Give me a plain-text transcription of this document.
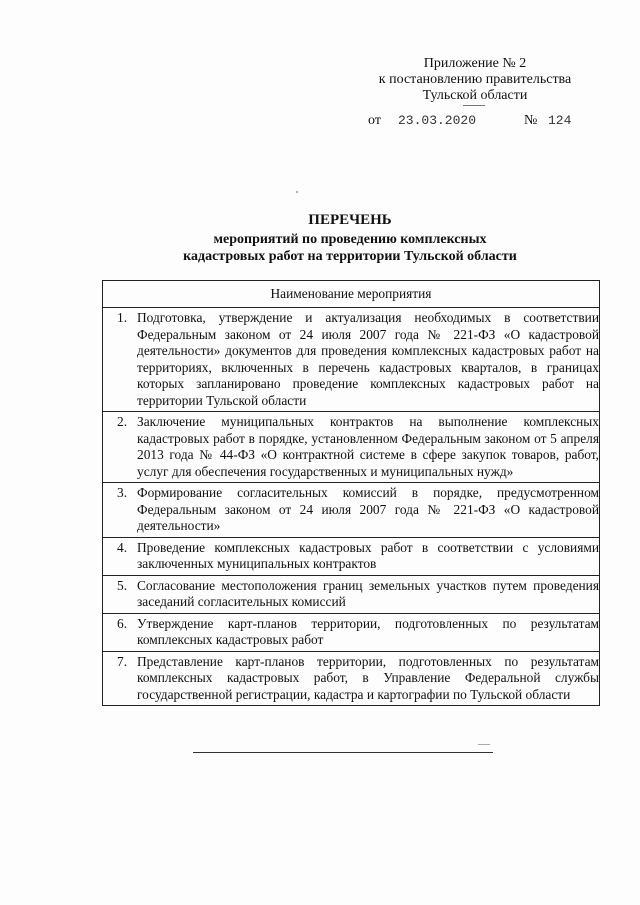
Приложение № 2
к постановлению правительства
Тульской области
от 23.03.2020	№ 124
ПЕРЕЧЕНЬ
мероприятий по проведению комплексных
кадастровых работ на территории Тульской области
Наименование мероприятия

1. Подготовка, утверждение и актуализация необходимых в соответствии Федеральным законом от 24 июля 2007 года № 221-ФЗ «О кадастровой деятельности» документов для проведения комплексных кадастровых работ на территориях, включенных в перечень кадастровых кварталов, в границах которых запланировано проведение комплексных кадастровых работ на территории Тульской области

2. Заключение муниципальных контрактов на выполнение комплексных кадастровых работ в порядке, установленном Федеральным законом от 5 апреля 2013 года № 44-ФЗ «О контрактной системе в сфере закупок товаров, работ, услуг для обеспечения государственных и муниципальных нужд»

3. Формирование согласительных комиссий в порядке, предусмотренном Федеральным законом от 24 июля 2007 года № 221-ФЗ «О кадастровой деятельности»

4. Проведение комплексных кадастровых работ в соответствии с условиями заключенных муниципальных контрактов

5. Согласование местоположения границ земельных участков путем проведения заседаний согласительных комиссий

6. Утверждение карт-планов территории, подготовленных по результатам комплексных кадастровых работ

7. Представление карт-планов территории, подготовленных по результатам комплексных кадастровых работ, в Управление Федеральной службы государственной регистрации, кадастра и картографии по Тульской области
